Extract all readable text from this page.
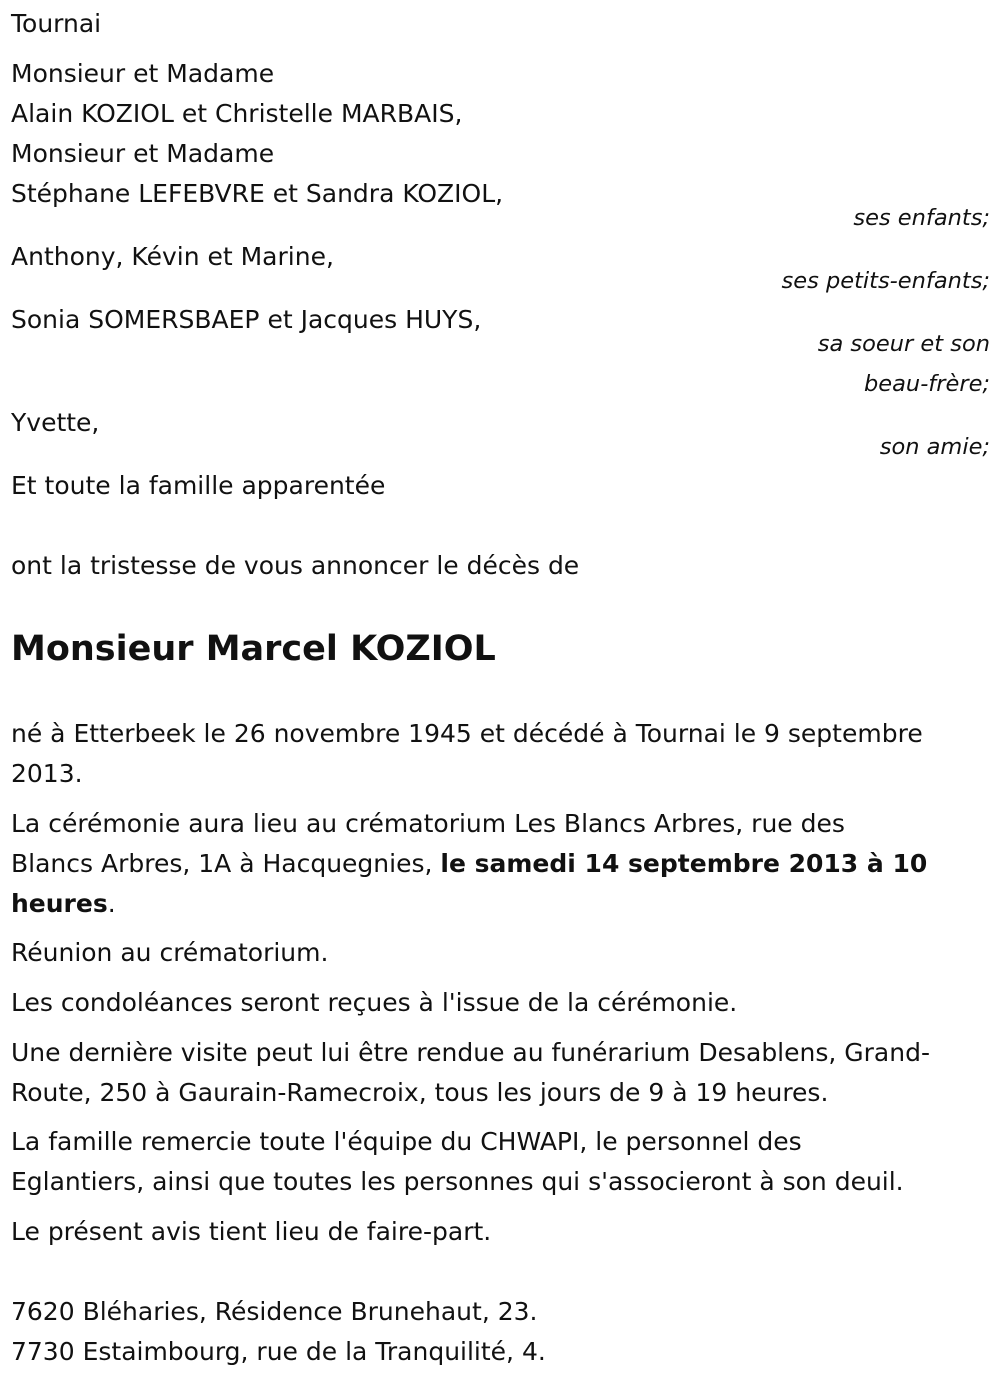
Tournai

Monsieur et Madame

Alain KOZIOL et Christelle MARBAIS,

Monsieur et Madame

Stéphane LEFEBVRE et Sandra KOZIOL,

ses enfants;

Anthony, Kévin et Marine,

ses petits-enfants;

Sonia SOMERSBAEP et Jacques HUYS,

sa soeur et son

beau-frère;

Yvette,

son amie;

Et toute la famille apparentée

ont la tristesse de vous annoncer le décès de

Monsieur Marcel KOZIOL

né à Etterbeek le 26 novembre 1945 et décédé à Tournai le 9 septembre

2013.

La cérémonie aura lieu au crématorium Les Blancs Arbres, rue des

Blancs Arbres, 1A à Hacquegnies, le samedi 14 septembre 2013 à 10

heures.

Réunion au crématorium.

Les condoléances seront reçues à l'issue de la cérémonie.

Une dernière visite peut lui être rendue au funérarium Desablens, Grand-

Route, 250 à Gaurain-Ramecroix, tous les jours de 9 à 19 heures.

La famille remercie toute l'équipe du CHWAPI, le personnel des

Eglantiers, ainsi que toutes les personnes qui s'associeront à son deuil.

Le présent avis tient lieu de faire-part.

7620 Bléharies, Résidence Brunehaut, 23.

7730 Estaimbourg, rue de la Tranquilité, 4.
